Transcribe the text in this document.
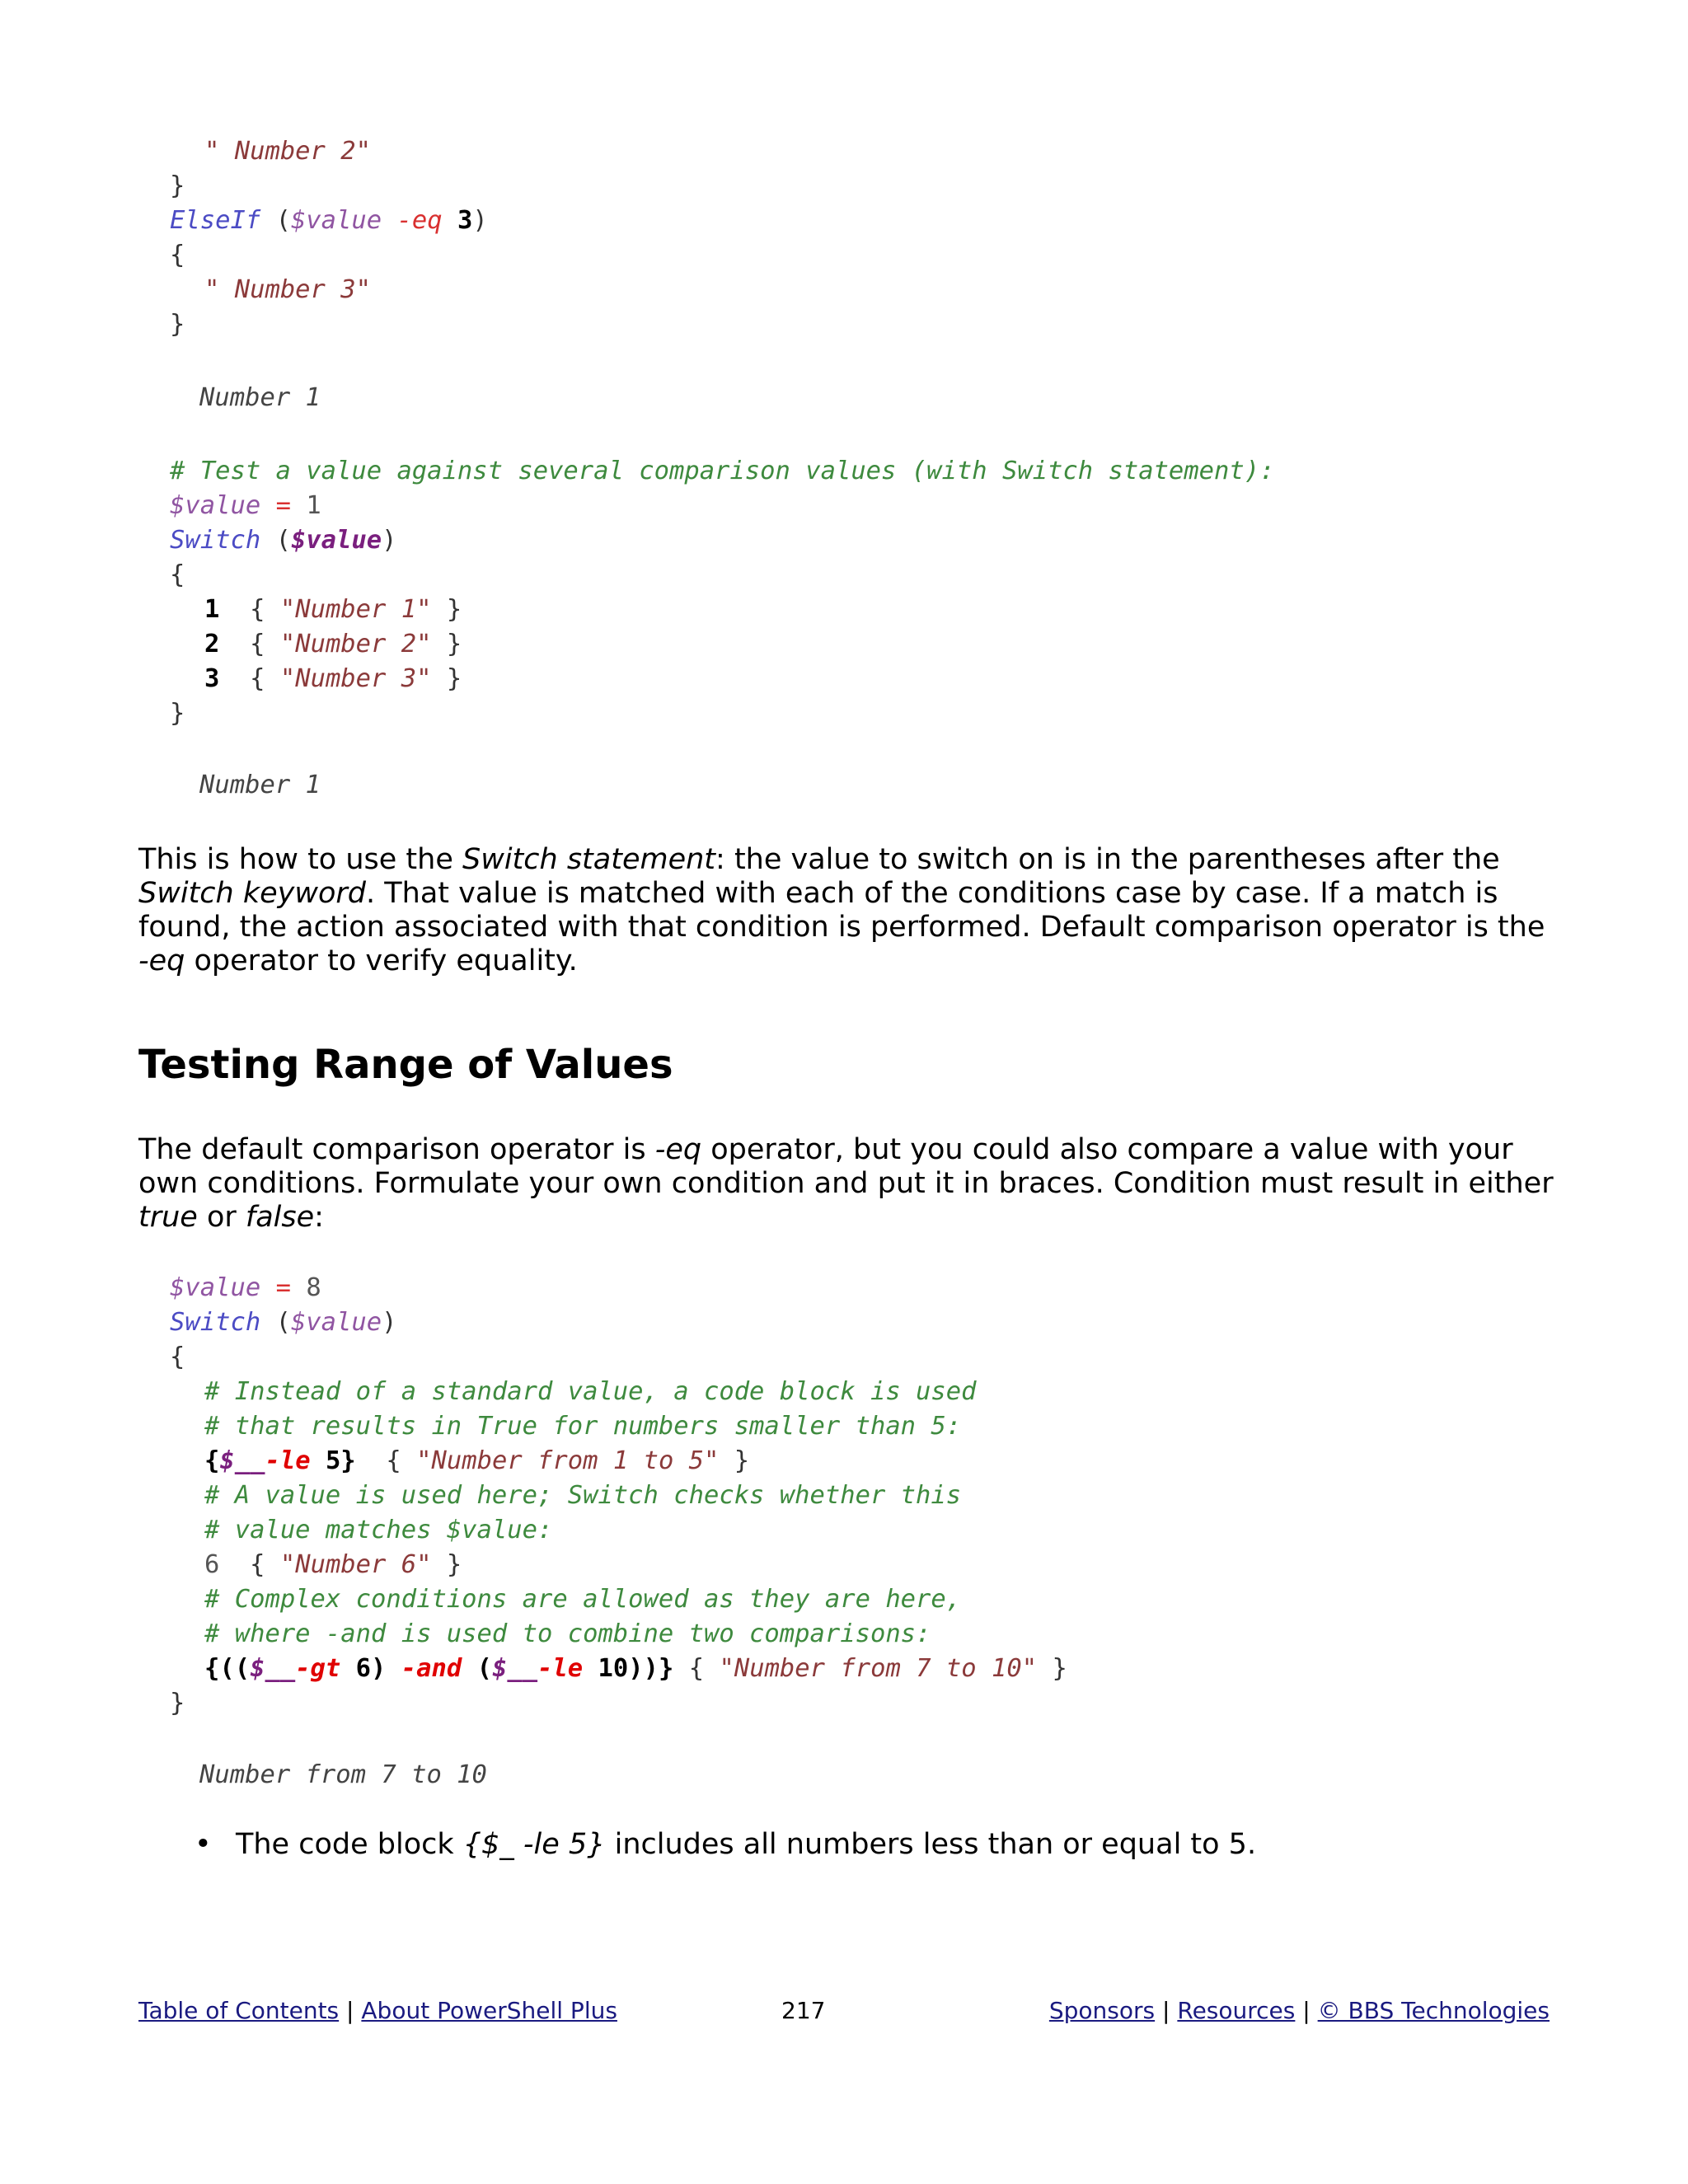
" Number 2"
}
ElseIf ($value -eq 3)
{
" Number 3"
}
Number 1
# Test a value against several comparison values (with Switch statement):
$value = 1
Switch ($value)
{
1 { "Number 1" }
2 { "Number 2" }
3 { "Number 3" }
}
Number 1

This is how to use the Switch statement: the value to switch on is in the parentheses after the Switch keyword. That value is matched with each of the conditions case by case. If a match is found, the action associated with that condition is performed. Default comparison operator is the -eq operator to verify equality.

Testing Range of Values

The default comparison operator is -eq operator, but you could also compare a value with your own conditions. Formulate your own condition and put it in braces. Condition must result in either true or false:

$value = 8
Switch ($value)
{
# Instead of a standard value, a code block is used
# that results in True for numbers smaller than 5:
{$__-le 5} { "Number from 1 to 5" }
# A value is used here; Switch checks whether this
# value matches $value:
6 { "Number 6" }
# Complex conditions are allowed as they are here,
# where -and is used to combine two comparisons:
{(($__-gt 6) -and ($__-le 10))} { "Number from 7 to 10" }
}
Number from 7 to 10
• The code block {$_ -le 5} includes all numbers less than or equal to 5.
Table of Contents | About PowerShell Plus	217	Sponsors | Resources | © BBS Technologies
